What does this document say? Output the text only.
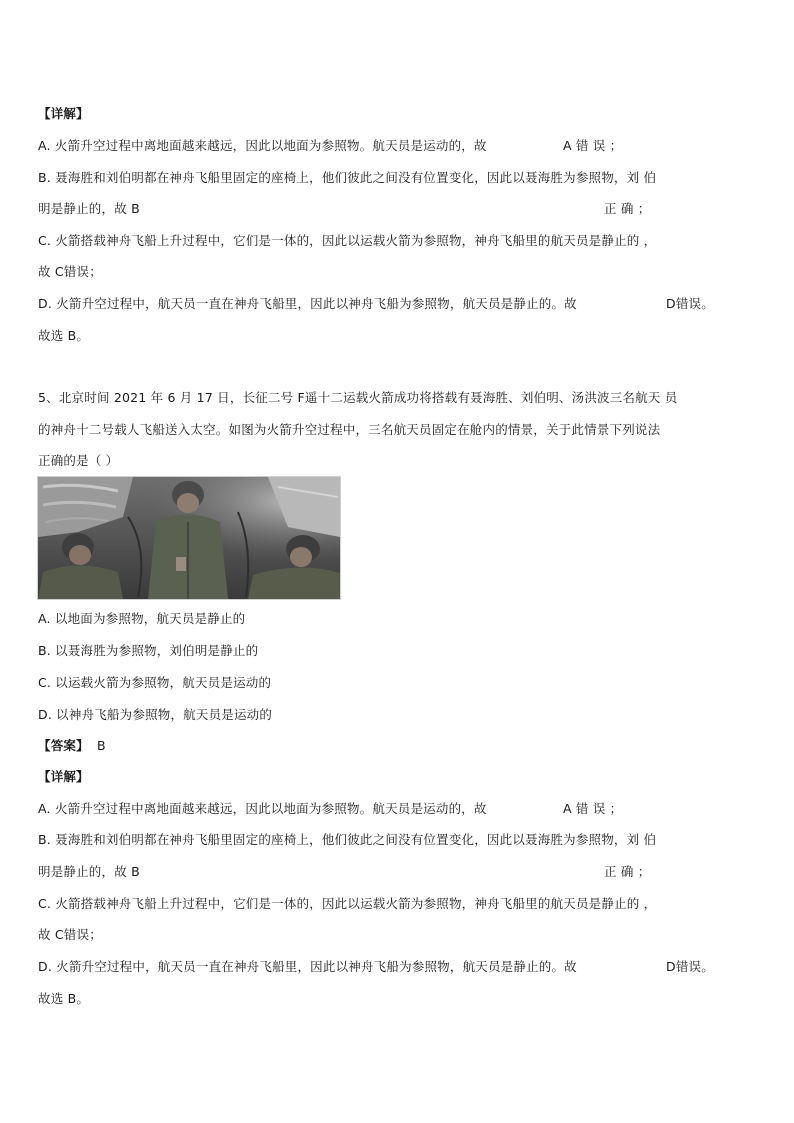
【详解】
A. 火箭升空过程中离地面越来越远，因此以地面为参照物。航天员是运动的，故	A 错 误 ；
B. 聂海胜和刘伯明都在神舟飞船里固定的座椅上，他们彼此之间没有位置变化，因此以聂海胜为参照物，刘 伯
明是静止的，故 B	正 确 ；
C. 火箭搭载神舟飞船上升过程中，它们是一体的，因此以运载火箭为参照物，神舟飞船里的航天员是静止的 ，
故 C错误；
D. 火箭升空过程中，航天员一直在神舟飞船里，因此以神舟飞船为参照物，航天员是静止的。故	D错误。
故选 B。
5、北京时间 2021 年 6 月 17 日，长征二号 F遥十二运载火箭成功将搭载有聂海胜、刘伯明、汤洪波三名航天 员
的神舟十二号载人飞船送入太空。如图为火箭升空过程中，三名航天员固定在舱内的情景，关于此情景下列说法
正确的是（ ）
A. 以地面为参照物，航天员是静止的
B. 以聂海胜为参照物，刘伯明是静止的
C. 以运载火箭为参照物，航天员是运动的
D. 以神舟飞船为参照物，航天员是运动的
【答案】 B
【详解】
A. 火箭升空过程中离地面越来越远，因此以地面为参照物。航天员是运动的，故	A 错 误 ；
B. 聂海胜和刘伯明都在神舟飞船里固定的座椅上，他们彼此之间没有位置变化，因此以聂海胜为参照物，刘 伯
明是静止的，故 B	正 确 ；
C. 火箭搭载神舟飞船上升过程中，它们是一体的，因此以运载火箭为参照物，神舟飞船里的航天员是静止的 ，
故 C错误；
D. 火箭升空过程中，航天员一直在神舟飞船里，因此以神舟飞船为参照物，航天员是静止的。故	D错误。
故选 B。
